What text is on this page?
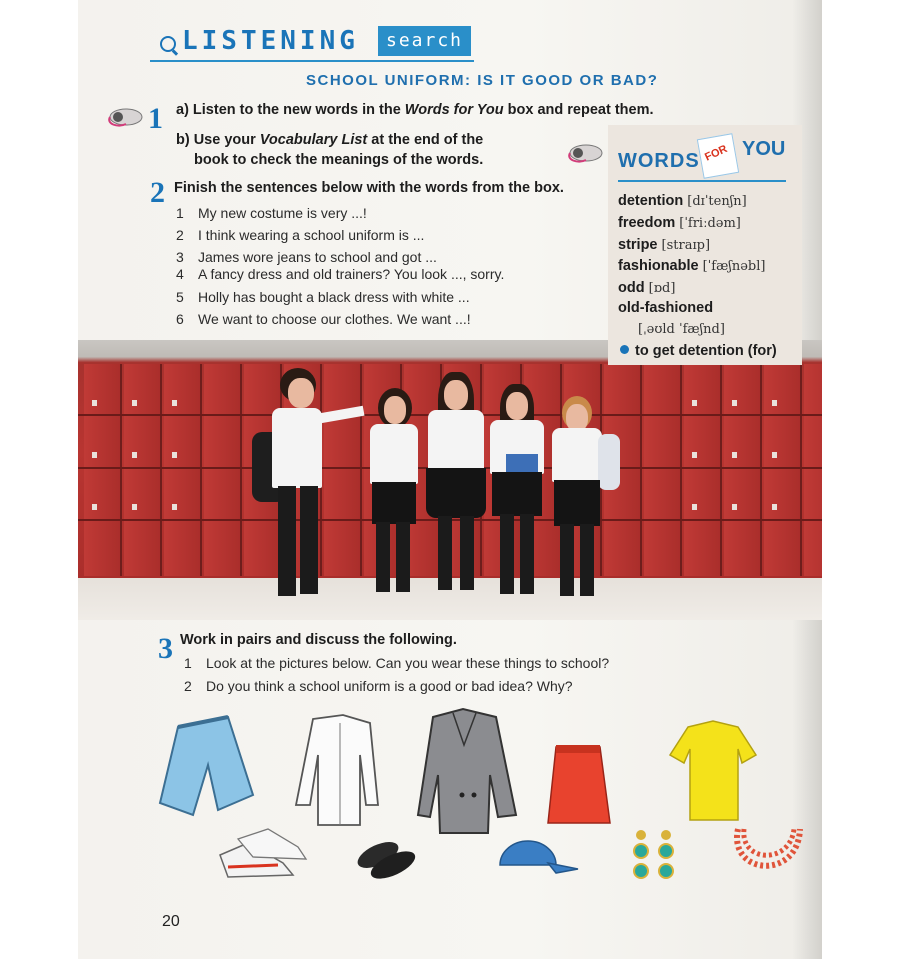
LISTENING	search
SCHOOL UNIFORM: IS IT GOOD OR BAD?
1 a) Listen to the new words in the Words for You box and repeat them.
b) Use your Vocabulary List at the end of the
book to check the meanings of the words.
2 Finish the sentences below with the words from the box.
1 My new costume is very ...!
2 I think wearing a school uniform is ...
3 James wore jeans to school and got ...
4 A fancy dress and old trainers? You look ..., sorry.
5 Holly has bought a black dress with white ...
6 We want to choose our clothes. We want ...!
WORDS FOR YOU
detention [dɪˈtenʃn]
freedom [ˈfriːdəm]
stripe [straɪp]
fashionable [ˈfæʃnəbl]
odd [ɒd]
old-fashioned
[ˌəʊld ˈfæʃnd]
to get detention (for)
3 Work in pairs and discuss the following.
1 Look at the pictures below. Can you wear these things to school?
2 Do you think a school uniform is a good or bad idea? Why?
20
